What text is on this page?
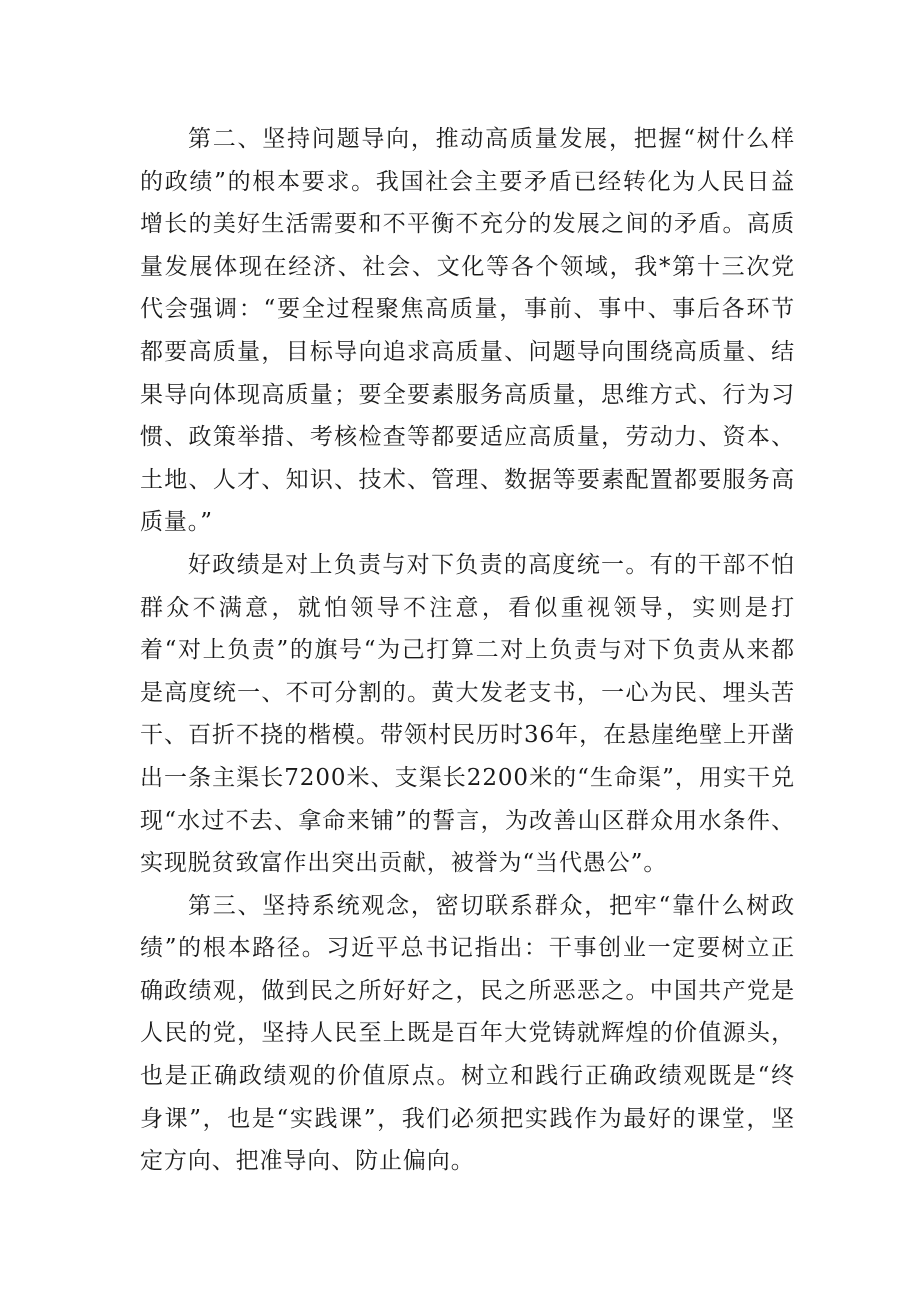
第二、坚持问题导向，推动高质量发展，把握“树什么样的政绩”的根本要求。我国社会主要矛盾已经转化为人民日益增长的美好生活需要和不平衡不充分的发展之间的矛盾。高质量发展体现在经济、社会、文化等各个领域，我*第十三次党代会强调：“要全过程聚焦高质量，事前、事中、事后各环节都要高质量，目标导向追求高质量、问题导向围绕高质量、结果导向体现高质量；要全要素服务高质量，思维方式、行为习惯、政策举措、考核检查等都要适应高质量，劳动力、资本、土地、人才、知识、技术、管理、数据等要素配置都要服务高质量。”

好政绩是对上负责与对下负责的高度统一。有的干部不怕群众不满意，就怕领导不注意，看似重视领导，实则是打着“对上负责”的旗号“为己打算二对上负责与对下负责从来都是高度统一、不可分割的。黄大发老支书，一心为民、埋头苦干、百折不挠的楷模。带领村民历时36年，在悬崖绝壁上开凿出一条主渠长7200米、支渠长2200米的“生命渠”，用实干兑现“水过不去、拿命来铺”的誓言，为改善山区群众用水条件、实现脱贫致富作出突出贡献，被誉为“当代愚公”。

第三、坚持系统观念，密切联系群众，把牢“靠什么树政绩”的根本路径。习近平总书记指出：干事创业一定要树立正确政绩观，做到民之所好好之，民之所恶恶之。中国共产党是人民的党，坚持人民至上既是百年大党铸就辉煌的价值源头，也是正确政绩观的价值原点。树立和践行正确政绩观既是“终身课”，也是“实践课”，我们必须把实践作为最好的课堂，坚定方向、把准导向、防止偏向。
